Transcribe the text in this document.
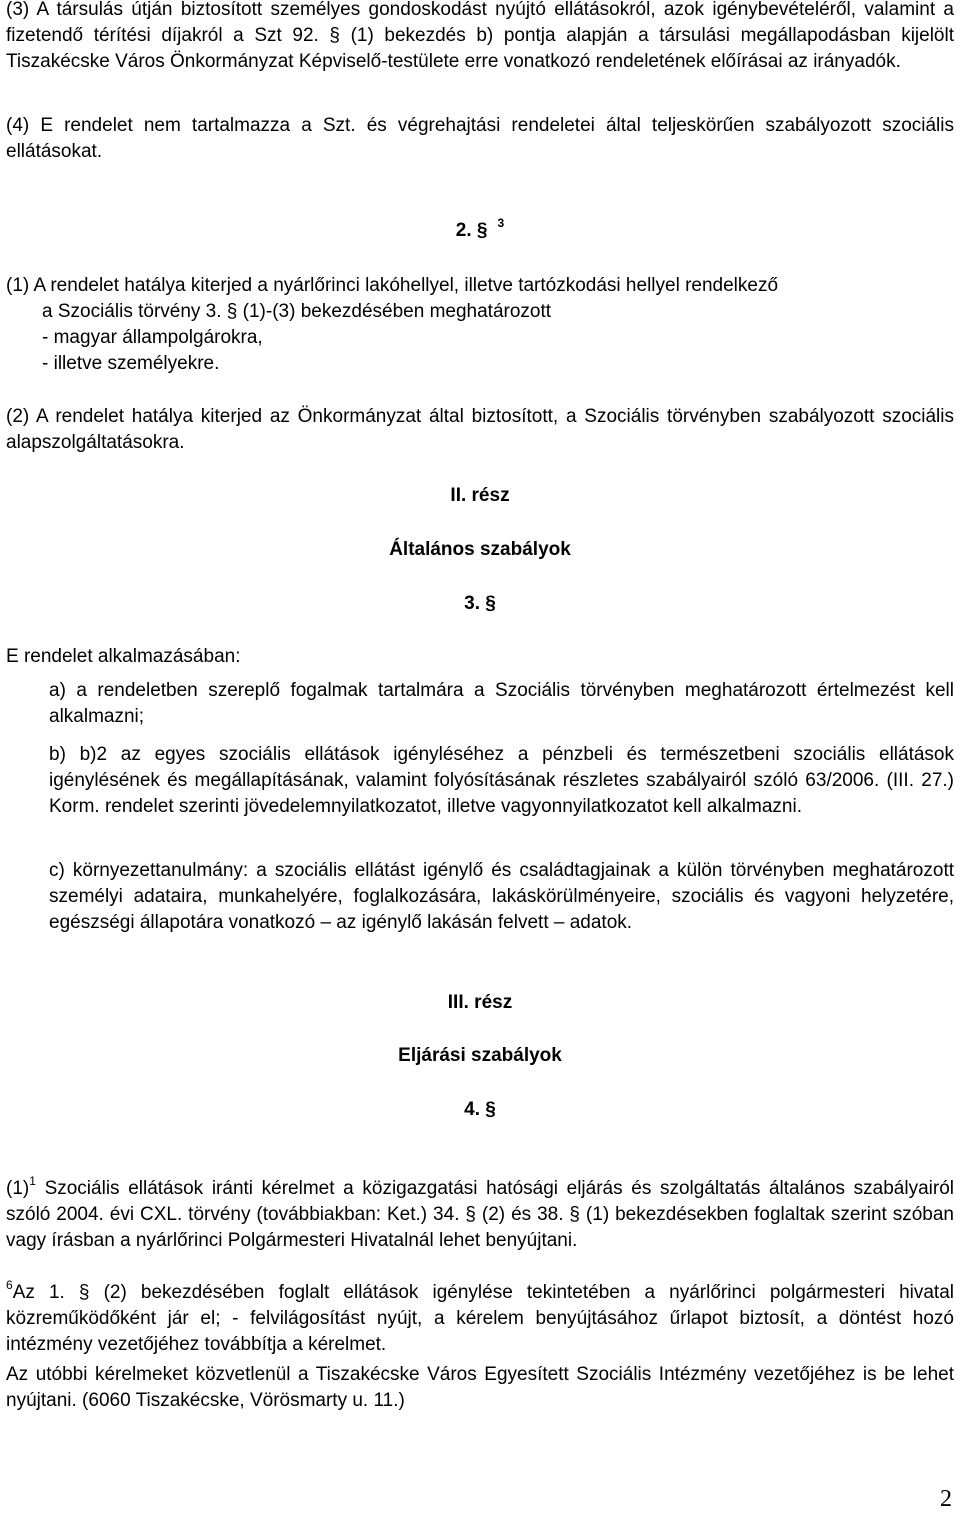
(3) A társulás útján biztosított személyes gondoskodást nyújtó ellátásokról, azok igénybevételéről, valamint a fizetendő térítési díjakról a Szt 92. § (1) bekezdés b) pontja alapján a társulási megállapodásban kijelölt Tiszakécske Város Önkormányzat Képviselő-testülete erre vonatkozó rendeletének előírásai az irányadók.
(4) E rendelet nem tartalmazza a Szt. és végrehajtási rendeletei által teljeskörűen szabályozott szociális ellátásokat.
2. § $^3$
(1) A rendelet hatálya kiterjed a nyárlőrinci lakóhellyel, illetve tartózkodási hellyel rendelkező
a Szociális törvény 3. § (1)-(3) bekezdésében meghatározott
- magyar állampolgárokra,
- illetve személyekre.
(2) A rendelet hatálya kiterjed az Önkormányzat által biztosított, a Szociális törvényben szabályozott szociális alapszolgáltatásokra.
II. rész
Általános szabályok
3. §
E rendelet alkalmazásában:
a) a rendeletben szereplő fogalmak tartalmára a Szociális törvényben meghatározott értelmezést kell alkalmazni;
b) b)2 az egyes szociális ellátások igényléséhez a pénzbeli és természetbeni szociális ellátások igénylésének és megállapításának, valamint folyósításának részletes szabályairól szóló 63/2006. (III. 27.) Korm. rendelet szerinti jövedelemnyilatkozatot, illetve vagyonnyilatkozatot kell alkalmazni.
c) környezettanulmány: a szociális ellátást igénylő és családtagjainak a külön törvényben meghatározott személyi adataira, munkahelyére, foglalkozására, lakáskörülményeire, szociális és vagyoni helyzetére, egészségi állapotára vonatkozó – az igénylő lakásán felvett – adatok.
III. rész
Eljárási szabályok
4. §
$(1)^1$ Szociális ellátások iránti kérelmet a közigazgatási hatósági eljárás és szolgáltatás általános szabályairól szóló 2004. évi CXL. törvény (továbbiakban: Ket.) 34. § (2) és 38. § (1) bekezdésekben foglaltak szerint szóban vagy írásban a nyárlőrinci Polgármesteri Hivatalnál lehet benyújtani.
$^6$Az 1. § (2) bekezdésében foglalt ellátások igénylése tekintetében a nyárlőrinci polgármesteri hivatal közreműködőként jár el; - felvilágosítást nyújt, a kérelem benyújtásához űrlapot biztosít, a döntést hozó intézmény vezetőjéhez továbbítja a kérelmet.
Az utóbbi kérelmeket közvetlenül a Tiszakécske Város Egyesített Szociális Intézmény vezetőjéhez is be lehet nyújtani. (6060 Tiszakécske, Vörösmarty u. 11.)
2
